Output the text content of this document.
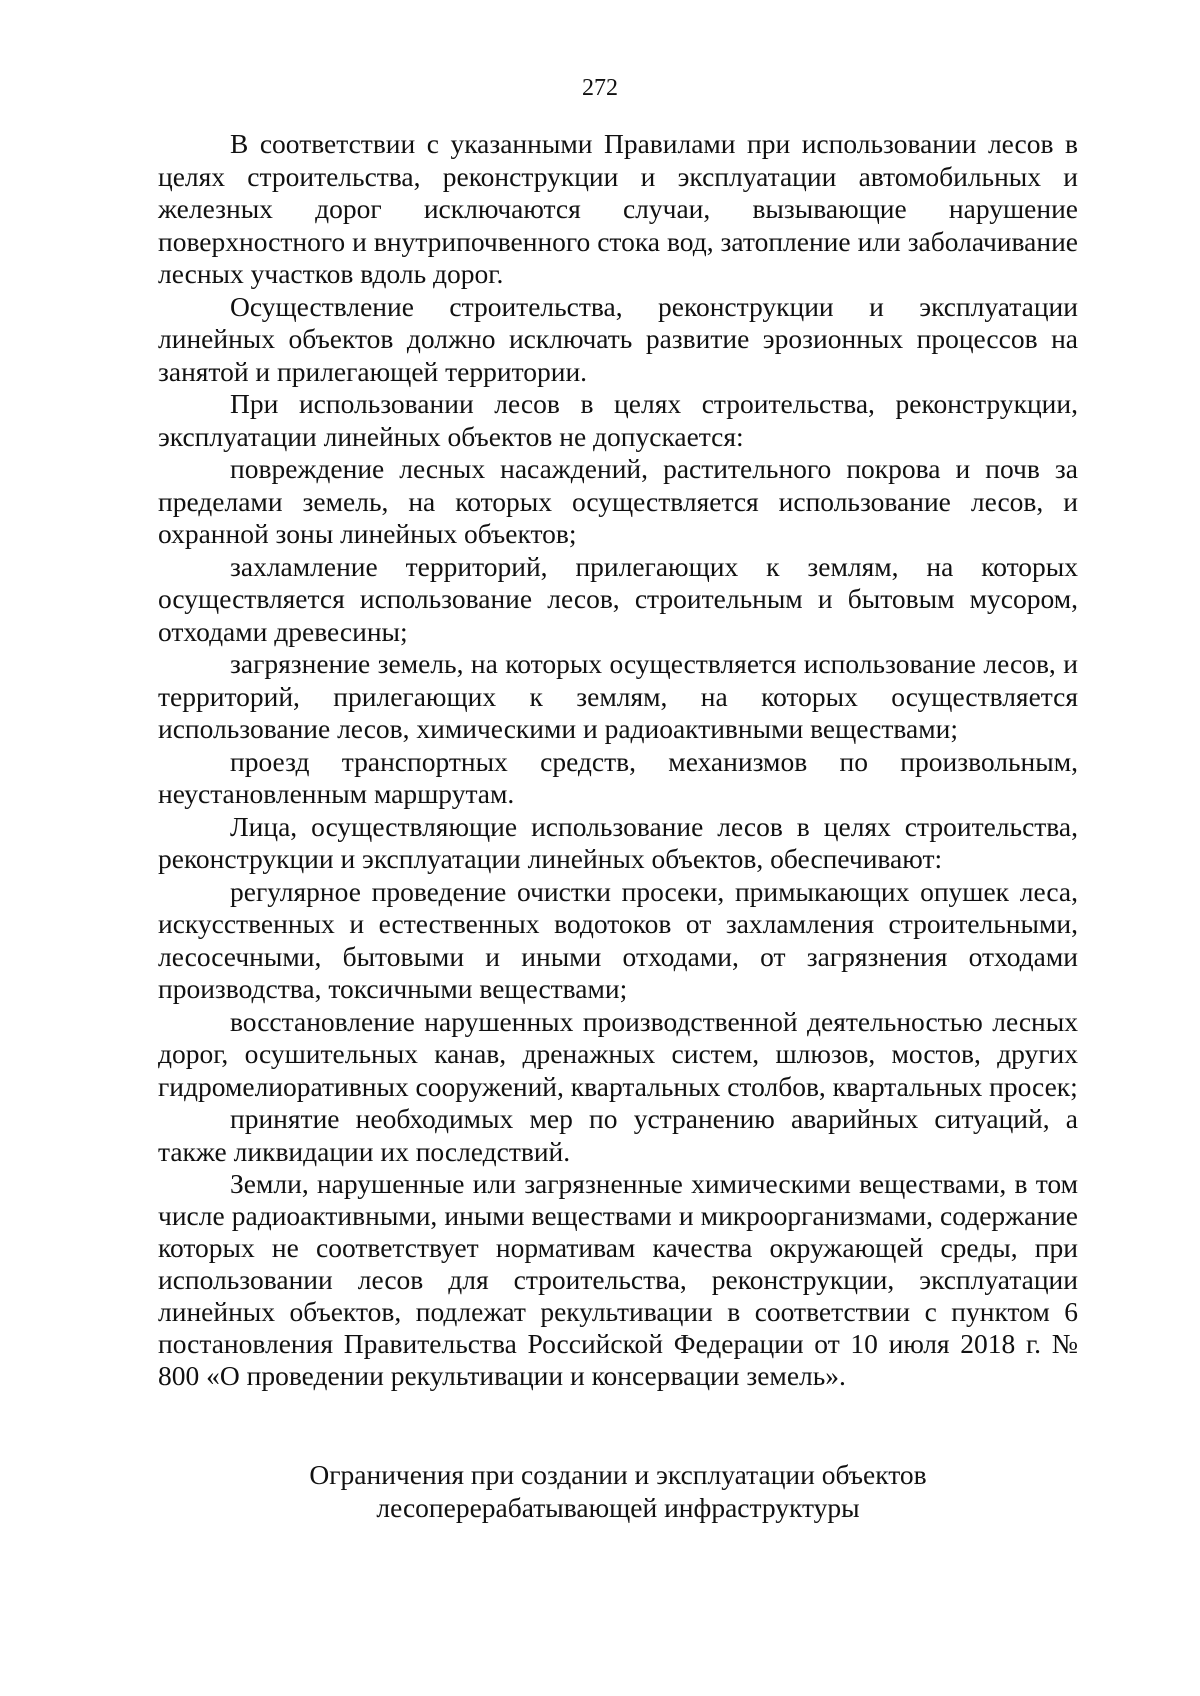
272

В соответствии с указанными Правилами при использовании лесов в целях строительства, реконструкции и эксплуатации автомобильных и железных дорог исключаются случаи, вызывающие нарушение поверхностного и внутрипочвенного стока вод, затопление или заболачивание лесных участков вдоль дорог.

Осуществление строительства, реконструкции и эксплуатации линейных объектов должно исключать развитие эрозионных процессов на занятой и прилегающей территории.

При использовании лесов в целях строительства, реконструкции, эксплуатации линейных объектов не допускается:

повреждение лесных насаждений, растительного покрова и почв за пределами земель, на которых осуществляется использование лесов, и охранной зоны линейных объектов;

захламление территорий, прилегающих к землям, на которых осуществляется использование лесов, строительным и бытовым мусором, отходами древесины;

загрязнение земель, на которых осуществляется использование лесов, и территорий, прилегающих к землям, на которых осуществляется использование лесов, химическими и радиоактивными веществами;

проезд транспортных средств, механизмов по произвольным, неустановленным маршрутам.

Лица, осуществляющие использование лесов в целях строительства, реконструкции и эксплуатации линейных объектов, обеспечивают:

регулярное проведение очистки просеки, примыкающих опушек леса, искусственных и естественных водотоков от захламления строительными, лесосечными, бытовыми и иными отходами, от загрязнения отходами производства, токсичными веществами;

восстановление нарушенных производственной деятельностью лесных дорог, осушительных канав, дренажных систем, шлюзов, мостов, других гидромелиоративных сооружений, квартальных столбов, квартальных просек;

принятие необходимых мер по устранению аварийных ситуаций, а также ликвидации их последствий.

Земли, нарушенные или загрязненные химическими веществами, в том числе радиоактивными, иными веществами и микроорганизмами, содержание которых не соответствует нормативам качества окружающей среды, при использовании лесов для строительства, реконструкции, эксплуатации линейных объектов, подлежат рекультивации в соответствии с пунктом 6 постановления Правительства Российской Федерации от 10 июля 2018 г. № 800 «О проведении рекультивации и консервации земель».

Ограничения при создании и эксплуатации объектов
лесоперерабатывающей инфраструктуры
